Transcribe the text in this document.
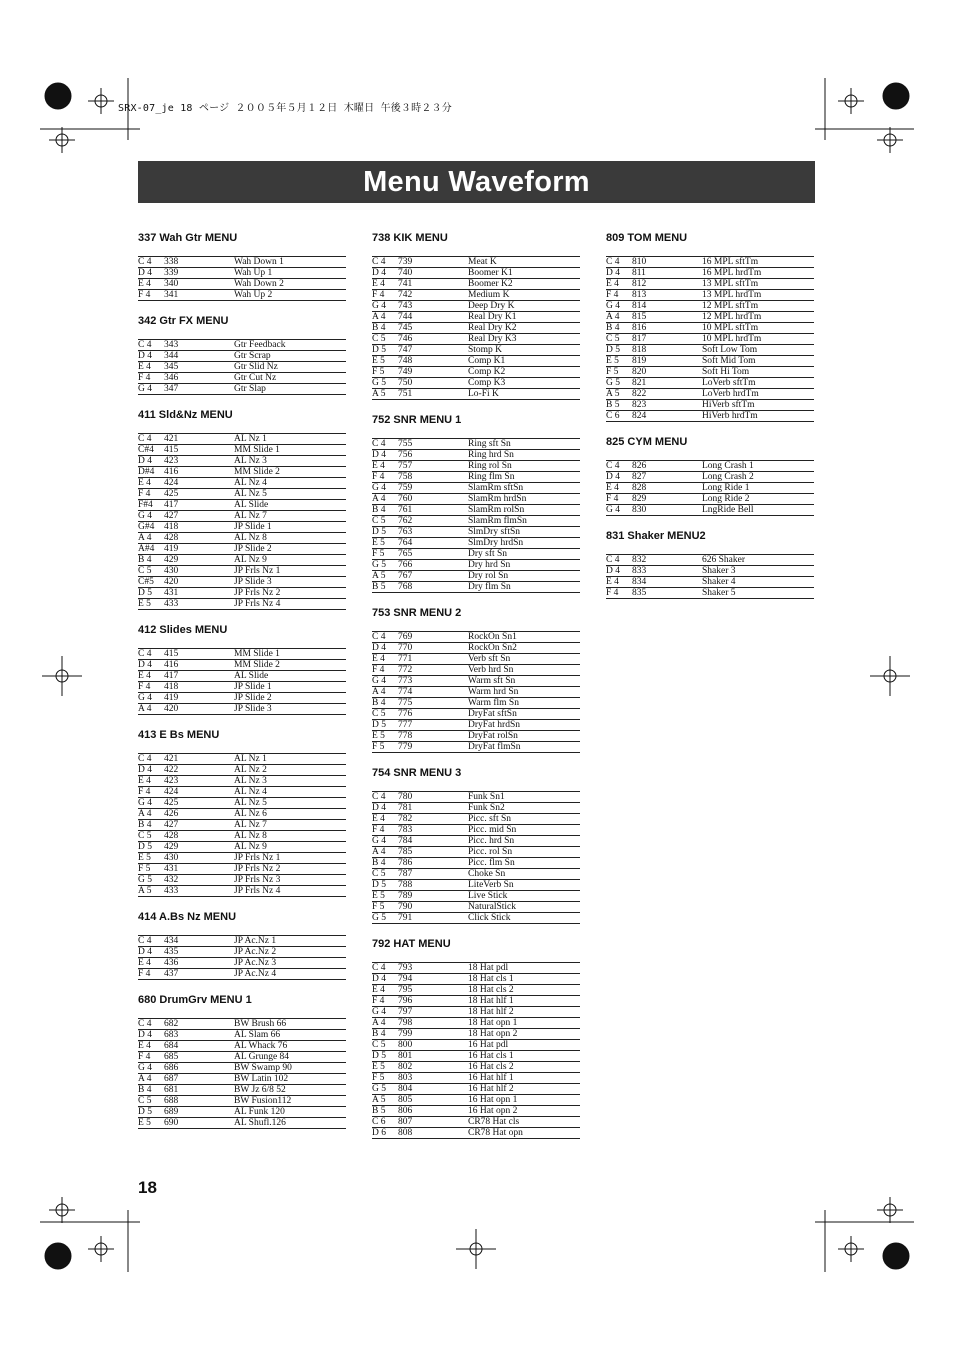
SRX-07_je 18 ページ ２００５年５月１２日 木曜日 午後３時２３分
Menu Waveform
337 Wah Gtr MENU
C 4	338	Wah Down 1
D 4	339	Wah Up 1
E 4	340	Wah Down 2
F 4	341	Wah Up 2
342 Gtr FX MENU
C 4	343	Gtr Feedback
D 4	344	Gtr Scrap
E 4	345	Gtr Slid Nz
F 4	346	Gtr Cut Nz
G 4	347	Gtr Slap
411 Sld&Nz MENU
C 4	421	AL Nz 1
C#4	415	MM Slide 1
D 4	423	AL Nz 3
D#4	416	MM Slide 2
E 4	424	AL Nz 4
F 4	425	AL Nz 5
F#4	417	AL Slide
G 4	427	AL Nz 7
G#4	418	JP Slide 1
A 4	428	AL Nz 8
A#4	419	JP Slide 2
B 4	429	AL Nz 9
C 5	430	JP Frls Nz 1
C#5	420	JP Slide 3
D 5	431	JP Frls Nz 2
E 5	433	JP Frls Nz 4
412 Slides MENU
C 4	415	MM Slide 1
D 4	416	MM Slide 2
E 4	417	AL Slide
F 4	418	JP Slide 1
G 4	419	JP Slide 2
A 4	420	JP Slide 3
413 E Bs MENU
C 4	421	AL Nz 1
D 4	422	AL Nz 2
E 4	423	AL Nz 3
F 4	424	AL Nz 4
G 4	425	AL Nz 5
A 4	426	AL Nz 6
B 4	427	AL Nz 7
C 5	428	AL Nz 8
D 5	429	AL Nz 9
E 5	430	JP Frls Nz 1
F 5	431	JP Frls Nz 2
G 5	432	JP Frls Nz 3
A 5	433	JP Frls Nz 4
414 A.Bs Nz MENU
C 4	434	JP Ac.Nz 1
D 4	435	JP Ac.Nz 2
E 4	436	JP Ac.Nz 3
F 4	437	JP Ac.Nz 4
680 DrumGrv MENU 1
C 4	682	BW Brush 66
D 4	683	AL Slam 66
E 4	684	AL Whack 76
F 4	685	AL Grunge 84
G 4	686	BW Swamp 90
A 4	687	BW Latin 102
B 4	681	BW Jz 6/8 52
C 5	688	BW Fusion112
D 5	689	AL Funk 120
E 5	690	AL Shufl.126
738 KIK MENU
C 4	739	Meat K
D 4	740	Boomer K1
E 4	741	Boomer K2
F 4	742	Medium K
G 4	743	Deep Dry K
A 4	744	Real Dry K1
B 4	745	Real Dry K2
C 5	746	Real Dry K3
D 5	747	Stomp K
E 5	748	Comp K1
F 5	749	Comp K2
G 5	750	Comp K3
A 5	751	Lo-Fi K
752 SNR MENU 1
C 4	755	Ring sft Sn
D 4	756	Ring hrd Sn
E 4	757	Ring rol Sn
F 4	758	Ring flm Sn
G 4	759	SlamRm sftSn
A 4	760	SlamRm hrdSn
B 4	761	SlamRm rolSn
C 5	762	SlamRm flmSn
D 5	763	SlmDry sftSn
E 5	764	SlmDry hrdSn
F 5	765	Dry sft Sn
G 5	766	Dry hrd Sn
A 5	767	Dry rol Sn
B 5	768	Dry flm Sn
753 SNR MENU 2
C 4	769	RockOn Sn1
D 4	770	RockOn Sn2
E 4	771	Verb sft Sn
F 4	772	Verb hrd Sn
G 4	773	Warm sft Sn
A 4	774	Warm hrd Sn
B 4	775	Warm flm Sn
C 5	776	DryFat sftSn
D 5	777	DryFat hrdSn
E 5	778	DryFat rolSn
F 5	779	DryFat flmSn
754 SNR MENU 3
C 4	780	Funk Sn1
D 4	781	Funk Sn2
E 4	782	Picc. sft Sn
F 4	783	Picc. mid Sn
G 4	784	Picc. hrd Sn
A 4	785	Picc. rol Sn
B 4	786	Picc. flm Sn
C 5	787	Choke Sn
D 5	788	LiteVerb Sn
E 5	789	Live Stick
F 5	790	NaturalStick
G 5	791	Click Stick
792 HAT MENU
C 4	793	18 Hat pdl
D 4	794	18 Hat cls 1
E 4	795	18 Hat cls 2
F 4	796	18 Hat hlf 1
G 4	797	18 Hat hlf 2
A 4	798	18 Hat opn 1
B 4	799	18 Hat opn 2
C 5	800	16 Hat pdl
D 5	801	16 Hat cls 1
E 5	802	16 Hat cls 2
F 5	803	16 Hat hlf 1
G 5	804	16 Hat hlf 2
A 5	805	16 Hat opn 1
B 5	806	16 Hat opn 2
C 6	807	CR78 Hat cls
D 6	808	CR78 Hat opn
809 TOM MENU
C 4	810	16 MPL sftTm
D 4	811	16 MPL hrdTm
E 4	812	13 MPL sftTm
F 4	813	13 MPL hrdTm
G 4	814	12 MPL sftTm
A 4	815	12 MPL hrdTm
B 4	816	10 MPL sftTm
C 5	817	10 MPL hrdTm
D 5	818	Soft Low Tom
E 5	819	Soft Mid Tom
F 5	820	Soft Hi Tom
G 5	821	LoVerb sftTm
A 5	822	LoVerb hrdTm
B 5	823	HiVerb sftTm
C 6	824	HiVerb hrdTm
825 CYM MENU
C 4	826	Long Crash 1
D 4	827	Long Crash 2
E 4	828	Long Ride 1
F 4	829	Long Ride 2
G 4	830	LngRide Bell
831 Shaker MENU2
C 4	832	626 Shaker
D 4	833	Shaker 3
E 4	834	Shaker 4
F 4	835	Shaker 5
18
